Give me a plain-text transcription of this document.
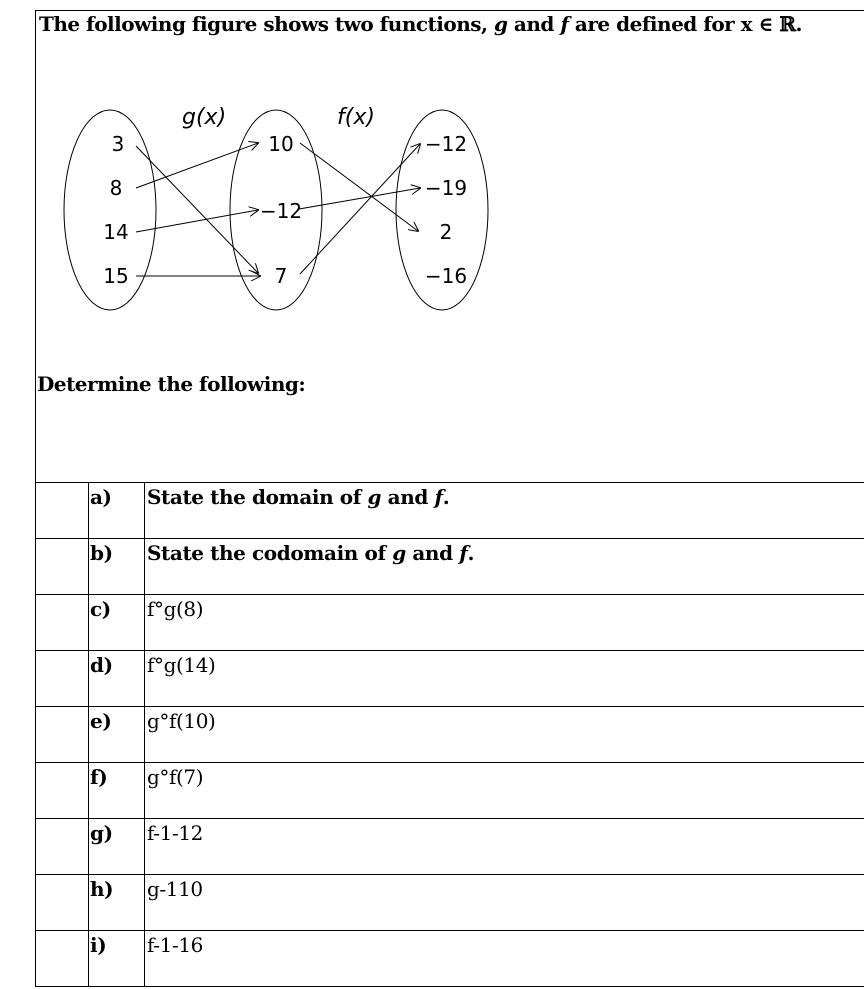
The following figure shows two functions, g and f are defined for x ∈ ℝ.
g(x)	f(x)
3
8
14
15
10
−12
7
−12
−19
2
−16
Determine the following:
	a)	State the domain of g and f.
	b)	State the codomain of g and f.
	c)	f°g(8)
	d)	f°g(14)
	e)	g°f(10)
	f)	g°f(7)
	g)	f-1-12
	h)	g-110
	i)	f-1-16
